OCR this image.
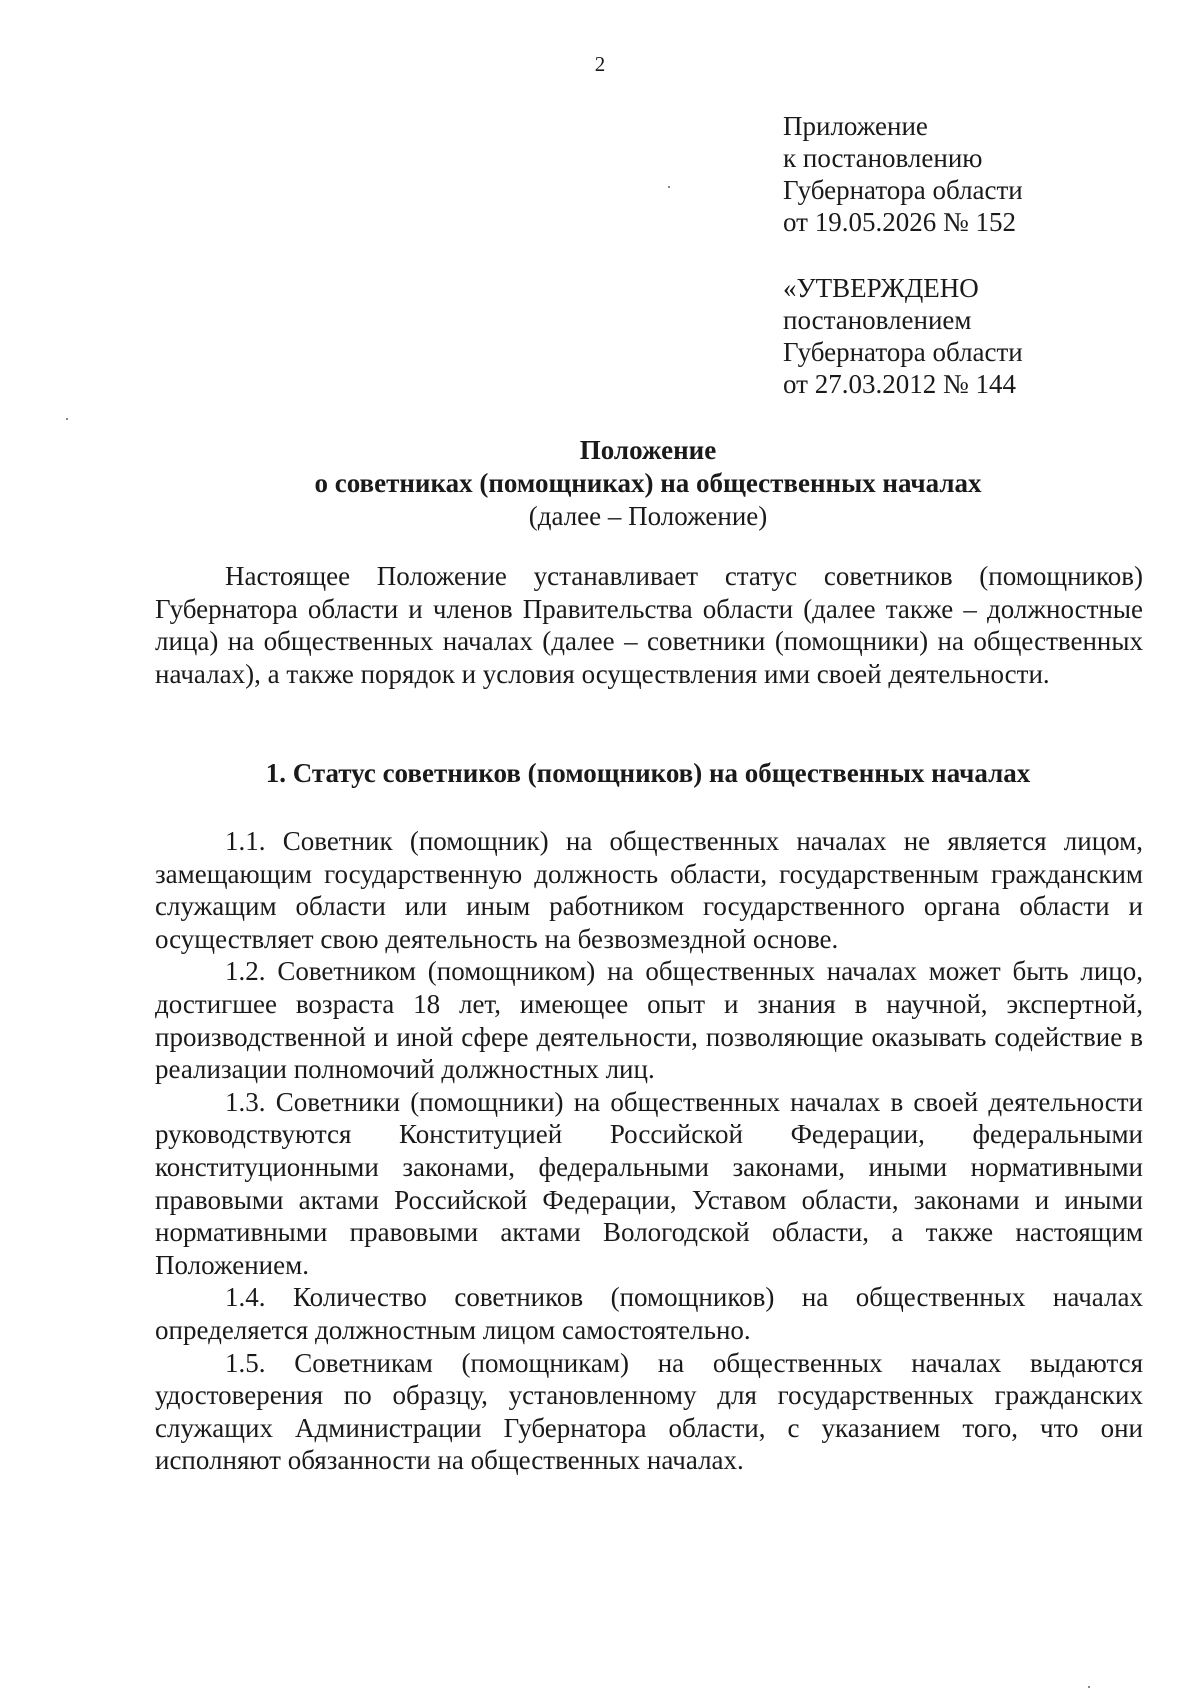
2
Приложение
к постановлению
Губернатора области
от 19.05.2026 № 152
«УТВЕРЖДЕНО
постановлением
Губернатора области
от 27.03.2012 № 144
Положение
о советниках (помощниках) на общественных началах
(далее – Положение)

Настоящее Положение устанавливает статус советников (помощников) Губернатора области и членов Правительства области (далее также – должностные лица) на общественных началах (далее – советники (помощники) на общественных началах), а также порядок и условия осуществления ими своей деятельности.

1. Статус советников (помощников) на общественных началах

1.1. Советник (помощник) на общественных началах не является лицом, замещающим государственную должность области, государственным гражданским служащим области или иным работником государственного органа области и осуществляет свою деятельность на безвозмездной основе.

1.2. Советником (помощником) на общественных началах может быть лицо, достигшее возраста 18 лет, имеющее опыт и знания в научной, экспертной, производственной и иной сфере деятельности, позволяющие оказывать содействие в реализации полномочий должностных лиц.

1.3. Советники (помощники) на общественных началах в своей деятельности руководствуются Конституцией Российской Федерации, федеральными конституционными законами, федеральными законами, иными нормативными правовыми актами Российской Федерации, Уставом области, законами и иными нормативными правовыми актами Вологодской области, а также настоящим Положением.

1.4. Количество советников (помощников) на общественных началах определяется должностным лицом самостоятельно.

1.5. Советникам (помощникам) на общественных началах выдаются удостоверения по образцу, установленному для государственных гражданских служащих Администрации Губернатора области, с указанием того, что они исполняют обязанности на общественных началах.
